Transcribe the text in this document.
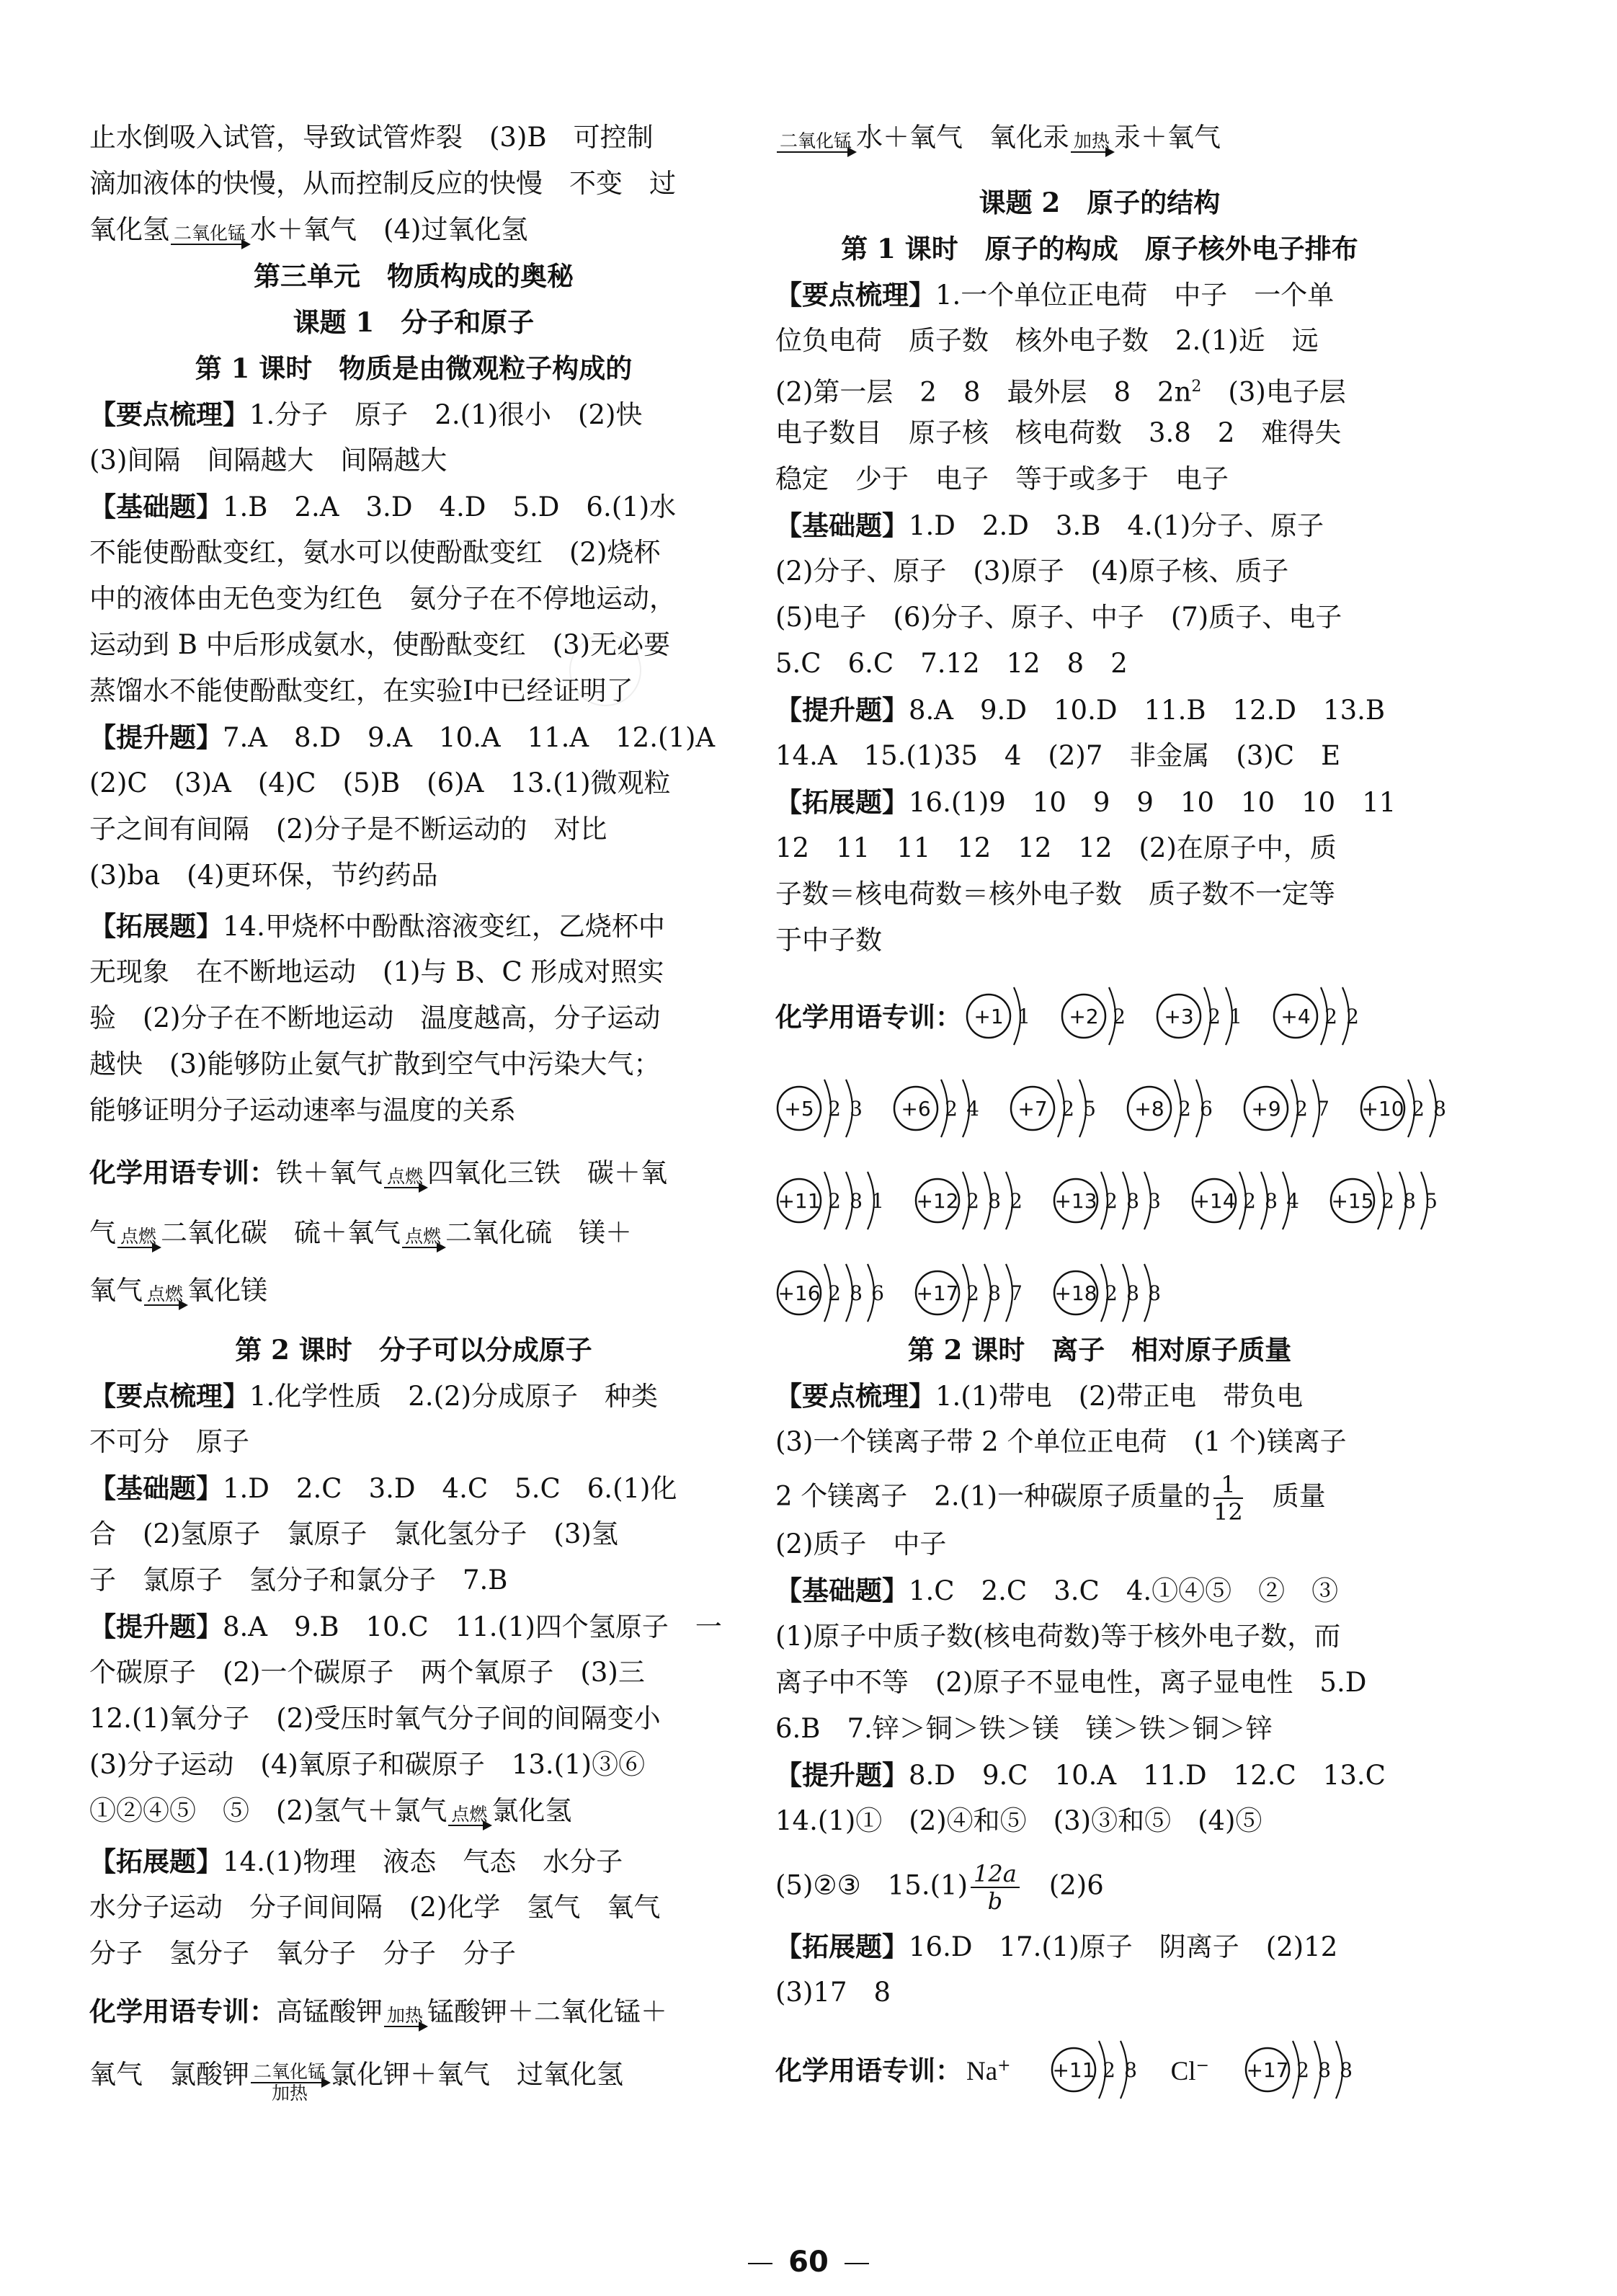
止水倒吸入试管，导致试管炸裂　(3)B　可控制
滴加液体的快慢，从而控制反应的快慢　不变　过
氧化氢 二氧化锰 水＋氧气　(4)过氧化氢
第三单元　物质构成的奥秘
课题 1　分子和原子
第 1 课时　物质是由微观粒子构成的
【要点梳理】1.分子　原子　2.(1)很小　(2)快
(3)间隔　间隔越大　间隔越大
【基础题】1.B　2.A　3.D　4.D　5.D　6.(1)水
不能使酚酞变红，氨水可以使酚酞变红　(2)烧杯
中的液体由无色变为红色　氨分子在不停地运动，
运动到 B 中后形成氨水，使酚酞变红　(3)无必要
蒸馏水不能使酚酞变红，在实验Ⅰ中已经证明了
【提升题】7.A　8.D　9.A　10.A　11.A　12.(1)A
(2)C　(3)A　(4)C　(5)B　(6)A　13.(1)微观粒
子之间有间隔　(2)分子是不断运动的　对比
(3)ba　(4)更环保，节约药品
【拓展题】14.甲烧杯中酚酞溶液变红，乙烧杯中
无现象　在不断地运动　(1)与 B、C 形成对照实
验　(2)分子在不断地运动　温度越高，分子运动
越快　(3)能够防止氨气扩散到空气中污染大气；
能够证明分子运动速率与温度的关系
化学用语专训：铁＋氧气 点燃 四氧化三铁　碳＋氧
气 点燃 二氧化碳　硫＋氧气 点燃 二氧化硫　镁＋
氧气 点燃 氧化镁
第 2 课时　分子可以分成原子
【要点梳理】1.化学性质　2.(2)分成原子　种类
不可分　原子
【基础题】1.D　2.C　3.D　4.C　5.C　6.(1)化
合　(2)氢原子　氯原子　氯化氢分子　(3)氢
子　氯原子　氢分子和氯分子　7.B
【提升题】8.A　9.B　10.C　11.(1)四个氢原子　一
个碳原子　(2)一个碳原子　两个氧原子　(3)三
12.(1)氧分子　(2)受压时氧气分子间的间隔变小
(3)分子运动　(4)氧原子和碳原子　13.(1)③⑥
①②④⑤　⑤　(2)氢气＋氯气 点燃 氯化氢
【拓展题】14.(1)物理　液态　气态　水分子
水分子运动　分子间间隔　(2)化学　氢气　氧气
分子　氢分子　氧分子　分子　分子
化学用语专训：高锰酸钾 加热 锰酸钾＋二氧化锰＋
氧气　氯酸钾 二氧化锰
加热
氯化钾＋氧气　过氧化氢
二氧化锰 水＋氧气　氧化汞 加热 汞＋氧气
课题 2　原子的结构
第 1 课时　原子的构成　原子核外电子排布
【要点梳理】1.一个单位正电荷　中子　一个单
位负电荷　质子数　核外电子数　2.(1)近　远
(2)第一层　2　8　最外层　8　$2n^2$　(3)电子层
电子数目　原子核　核电荷数　3.8　2　难得失
稳定　少于　电子　等于或多于　电子
【基础题】1.D　2.D　3.B　4.(1)分子、原子
(2)分子、原子　(3)原子　(4)原子核、质子
(5)电子　(6)分子、原子、中子　(7)质子、电子
5.C　6.C　7.12　12　8　2
【提升题】8.A　9.D　10.D　11.B　12.D　13.B
14.A　15.(1)35　4　(2)7　非金属　(3)C　E
【拓展题】16.(1)9　10　9　9　10　10　10　11
12　11　11　12　12　12　(2)在原子中，质
子数＝核电荷数＝核外电子数　质子数不一定等
于中子数
化学用语专训： +1 1 +2 2 +3 2 1 +4 2 2
+5 2 3 +6 2 4 +7 2 5 +8 2 6 +9 2 7 +10 2 8
+11 2 8 1 +12 2 8 2 +13 2 8 3 +14 2 8 4 +15 2 8 5
+16 2 8 6 +17 2 8 7 +18 2 8 8
第 2 课时　离子　相对原子质量
【要点梳理】1.(1)带电　(2)带正电　带负电
(3)一个镁离子带 2 个单位正电荷　(1 个)镁离子
2 个镁离子　2.(1)一种碳原子质量的 $\frac{1}{12}$ 　质量
(2)质子　中子
【基础题】1.C　2.C　3.C　4.①④⑤　②　③
(1)原子中质子数(核电荷数)等于核外电子数，而
离子中不等　(2)原子不显电性，离子显电性　5.D
6.B　7.锌＞铜＞铁＞镁　镁＞铁＞铜＞锌
【提升题】8.D　9.C　10.A　11.D　12.C　13.C
14.(1)①　(2)④和⑤　(3)③和⑤　(4)⑤
(5)②③　$15.(1) \frac{12a}{b}$ 　(2)6
【拓展题】16.D　17.(1)原子　阴离子　(2)12
(3)17　8
化学用语专训： Na+ +11 2 8 Cl− +17 2 8 8
60
